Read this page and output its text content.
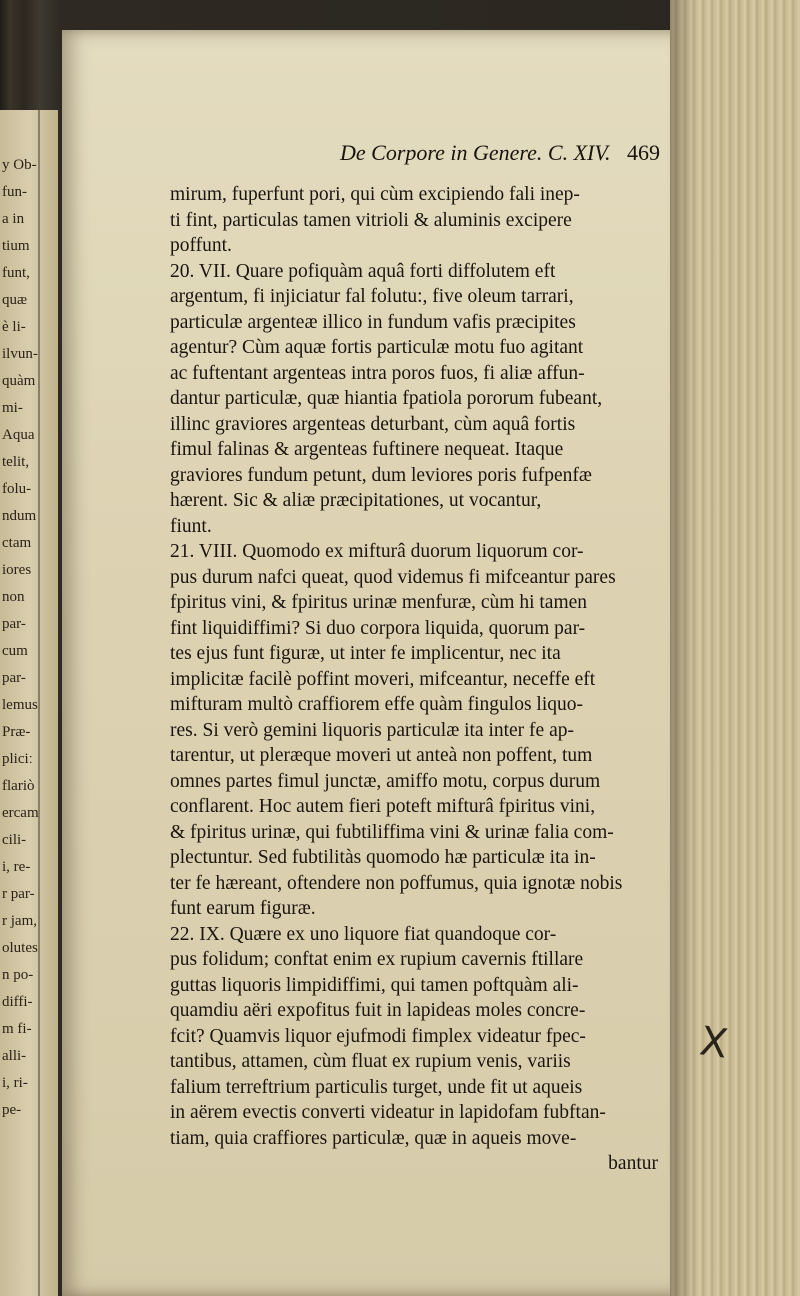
y Ob-
fun-
a in
tium
funt,
quæ
è li-
ilvun-
quàm
mi-
Aqua
telit,
folu-
ndum
ctam
iores
non
par-
cum
par-
lemus
Præ-
pliciː
flariò
ercam
cili-
i, re-
r par-
r jam,
olutes
n po-
diffi-
m fi-
alli-
i, ri-
pe-
De Corpore in Genere. C. XIV. 469
mirum, fuperfunt pori, qui cùm excipiendo fali inep-
ti fint, particulas tamen vitrioli & aluminis excipere
poffunt.
20. VII. Quare pofiquàm aquâ forti diffolutem eft
argentum, fi injiciatur fal folutu:, five oleum tarrari,
particulæ argenteæ illico in fundum vafis præcipites
agentur? Cùm aquæ fortis particulæ motu fuo agitant
ac fuftentant argenteas intra poros fuos, fi aliæ affun-
dantur particulæ, quæ hiantia fpatiola pororum fubeant,
illinc graviores argenteas deturbant, cùm aquâ fortis
fimul falinas & argenteas fuftinere nequeat. Itaque
graviores fundum petunt, dum leviores poris fufpenfæ
hærent. Sic & aliæ præcipitationes, ut vocantur,
fiunt.
21. VIII. Quomodo ex mifturâ duorum liquorum cor-
pus durum nafci queat, quod videmus fi mifceantur pares
fpiritus vini, & fpiritus urinæ menfuræ, cùm hi tamen
fint liquidiffimi? Si duo corpora liquida, quorum par-
tes ejus funt figuræ, ut inter fe implicentur, nec ita
implicitæ facilè poffint moveri, mifceantur, neceffe eft
mifturam multò craffiorem effe quàm fingulos liquo-
res. Si verò gemini liquoris particulæ ita inter fe ap-
tarentur, ut pleræque moveri ut anteà non poffent, tum
omnes partes fimul junctæ, amiffo motu, corpus durum
conflarent. Hoc autem fieri poteft mifturâ fpiritus vini,
& fpiritus urinæ, qui fubtiliffima vini & urinæ falia com-
plectuntur. Sed fubtilitàs quomodo hæ particulæ ita in-
ter fe hæreant, oftendere non poffumus, quia ignotæ nobis
funt earum figuræ.
22. IX. Quære ex uno liquore fiat quandoque cor-
pus folidum; conftat enim ex rupium cavernis ftillare
guttas liquoris limpidiffimi, qui tamen poftquàm ali-
quamdiu aëri expofitus fuit in lapideas moles concre-
fcit? Quamvis liquor ejufmodi fimplex videatur fpec-
tantibus, attamen, cùm fluat ex rupium venis, variis
falium terreftrium particulis turget, unde fit ut aqueis
in aërem evectis converti videatur in lapidofam fubftan-
tiam, quia craffiores particulæ, quæ in aqueis move-
bantur
X
